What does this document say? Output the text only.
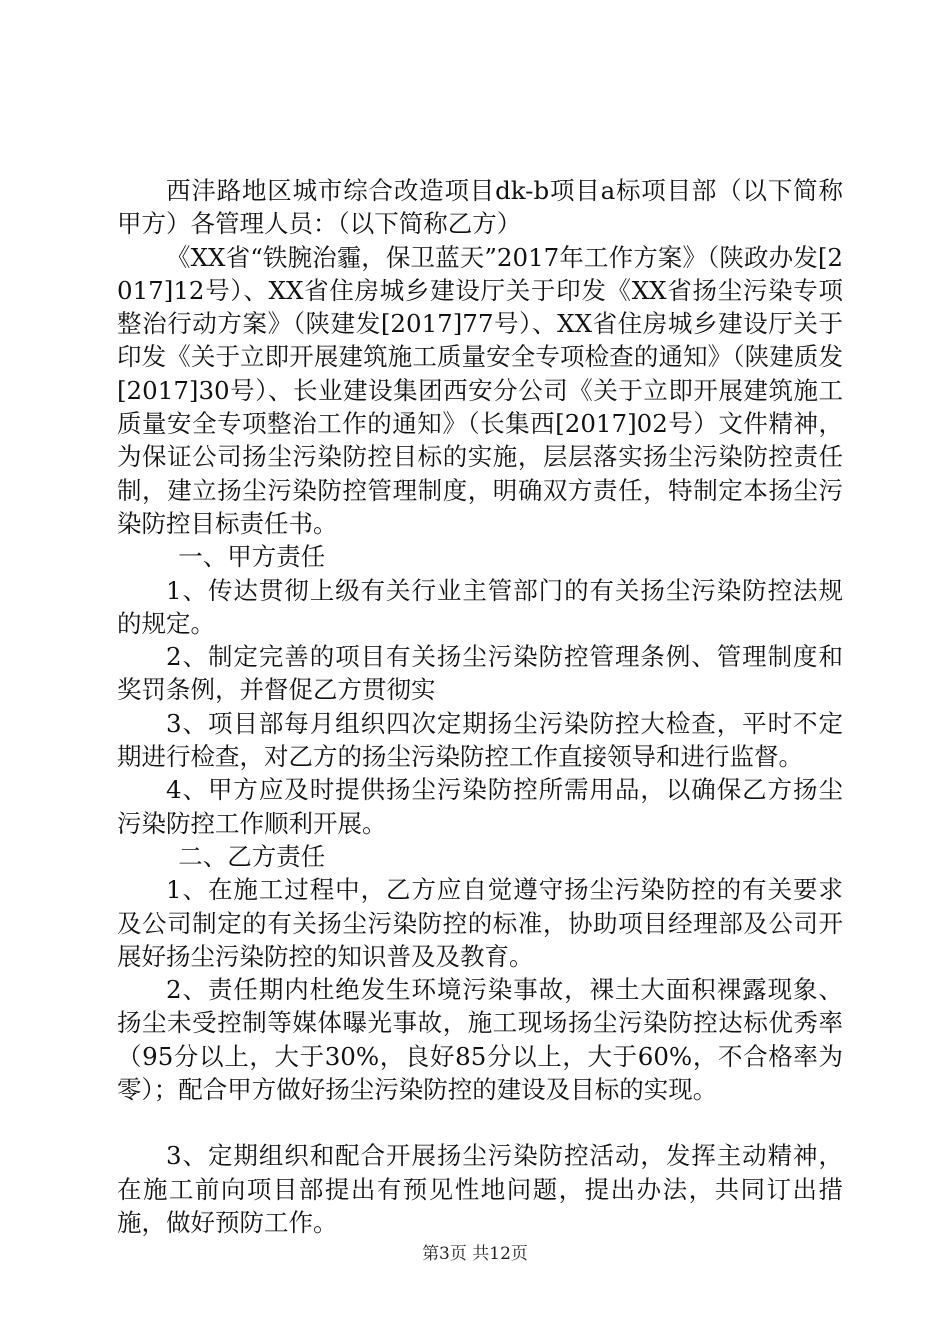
西沣路地区城市综合改造项目dk-b项目a标项目部（以下简称甲方）各管理人员：（以下简称乙方）

《XX省“铁腕治霾，保卫蓝天”2017年工作方案》（陕政办发[2017]12号）、XX省住房城乡建设厅关于印发《XX省扬尘污染专项整治行动方案》（陕建发[2017]77号）、XX省住房城乡建设厅关于印发《关于立即开展建筑施工质量安全专项检查的通知》（陕建质发[2017]30号）、长业建设集团西安分公司《关于立即开展建筑施工质量安全专项整治工作的通知》（长集西[2017]02号）文件精神，为保证公司扬尘污染防控目标的实施，层层落实扬尘污染防控责任制，建立扬尘污染防控管理制度，明确双方责任，特制定本扬尘污染防控目标责任书。

一、甲方责任

1、传达贯彻上级有关行业主管部门的有关扬尘污染防控法规的规定。

2、制定完善的项目有关扬尘污染防控管理条例、管理制度和奖罚条例，并督促乙方贯彻实

3、项目部每月组织四次定期扬尘污染防控大检查，平时不定期进行检查，对乙方的扬尘污染防控工作直接领导和进行监督。

4、甲方应及时提供扬尘污染防控所需用品，以确保乙方扬尘污染防控工作顺利开展。

二、乙方责任

1、在施工过程中，乙方应自觉遵守扬尘污染防控的有关要求及公司制定的有关扬尘污染防控的标准，协助项目经理部及公司开展好扬尘污染防控的知识普及及教育。

2、责任期内杜绝发生环境污染事故，裸土大面积裸露现象、扬尘未受控制等媒体曝光事故，施工现场扬尘污染防控达标优秀率（95分以上，大于30%，良好85分以上，大于60%，不合格率为零）；配合甲方做好扬尘污染防控的建设及目标的实现。

3、定期组织和配合开展扬尘污染防控活动，发挥主动精神，在施工前向项目部提出有预见性地问题，提出办法，共同订出措施，做好预防工作。

第3页 共12页
